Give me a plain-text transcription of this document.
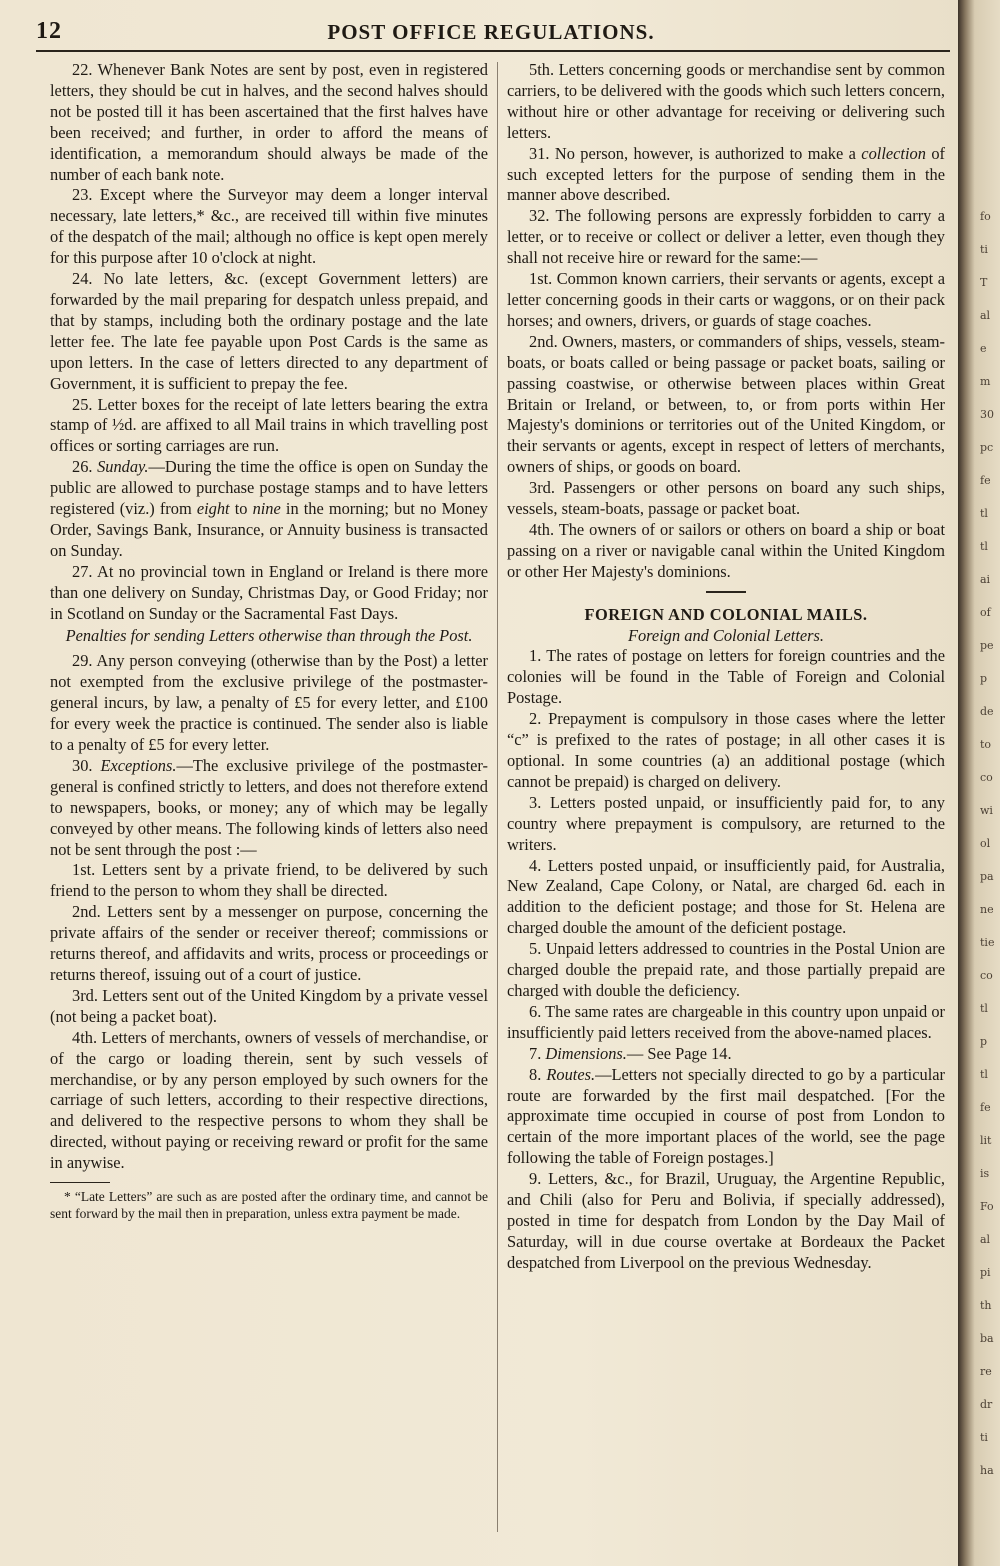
fo
ti
T
al
e
m
30
pc
fe
tl
tl
ai
of
pe
p
de
to
co
wi
ol
pa
ne
tie
co
tl
p
tl
fe
lit
is
Fo
al
pi
th
ba
re
dr
ti
ha
12	POST OFFICE REGULATIONS.

22. Whenever Bank Notes are sent by post, even in registered letters, they should be cut in halves, and the second halves should not be posted till it has been ascertained that the first halves have been received; and further, in order to afford the means of identification, a memorandum should always be made of the number of each bank note.

23. Except where the Surveyor may deem a longer interval necessary, late letters,* &c., are received till within five minutes of the despatch of the mail; although no office is kept open merely for this purpose after 10 o'clock at night.

24. No late letters, &c. (except Government letters) are forwarded by the mail preparing for despatch unless prepaid, and that by stamps, including both the ordinary postage and the late letter fee. The late fee payable upon Post Cards is the same as upon letters. In the case of letters directed to any department of Government, it is sufficient to prepay the fee.

25. Letter boxes for the receipt of late letters bearing the extra stamp of ½d. are affixed to all Mail trains in which travelling post offices or sorting carriages are run.

26. Sunday.—During the time the office is open on Sunday the public are allowed to purchase postage stamps and to have letters registered (viz.) from eight to nine in the morning; but no Money Order, Savings Bank, Insurance, or Annuity business is transacted on Sunday.

27. At no provincial town in England or Ireland is there more than one delivery on Sunday, Christmas Day, or Good Friday; nor in Scotland on Sunday or the Sacramental Fast Days.

Penalties for sending Letters otherwise than through the Post.

29. Any person conveying (otherwise than by the Post) a letter not exempted from the exclusive privilege of the postmaster-general incurs, by law, a penalty of £5 for every letter, and £100 for every week the practice is continued. The sender also is liable to a penalty of £5 for every letter.

30. Exceptions.—The exclusive privilege of the postmaster-general is confined strictly to letters, and does not therefore extend to newspapers, books, or money; any of which may be legally conveyed by other means. The following kinds of letters also need not be sent through the post :—

1st. Letters sent by a private friend, to be delivered by such friend to the person to whom they shall be directed.

2nd. Letters sent by a messenger on purpose, concerning the private affairs of the sender or receiver thereof; commissions or returns thereof, and affidavits and writs, process or proceedings or returns thereof, issuing out of a court of justice.

3rd. Letters sent out of the United Kingdom by a private vessel (not being a packet boat).

4th. Letters of merchants, owners of vessels of merchandise, or of the cargo or loading therein, sent by such vessels of merchandise, or by any person employed by such owners for the carriage of such letters, according to their respective directions, and delivered to the respective persons to whom they shall be directed, without paying or receiving reward or profit for the same in anywise.

* “Late Letters” are such as are posted after the ordinary time, and cannot be sent forward by the mail then in preparation, unless extra payment be made.

5th. Letters concerning goods or merchandise sent by common carriers, to be delivered with the goods which such letters concern, without hire or other advantage for receiving or delivering such letters.

31. No person, however, is authorized to make a collection of such excepted letters for the purpose of sending them in the manner above described.

32. The following persons are expressly forbidden to carry a letter, or to receive or collect or deliver a letter, even though they shall not receive hire or reward for the same:—

1st. Common known carriers, their servants or agents, except a letter concerning goods in their carts or waggons, or on their pack horses; and owners, drivers, or guards of stage coaches.

2nd. Owners, masters, or commanders of ships, vessels, steam-boats, or boats called or being passage or packet boats, sailing or passing coastwise, or otherwise between places within Great Britain or Ireland, or between, to, or from ports within Her Majesty's dominions or territories out of the United Kingdom, or their servants or agents, except in respect of letters of merchants, owners of ships, or goods on board.

3rd. Passengers or other persons on board any such ships, vessels, steam-boats, passage or packet boat.

4th. The owners of or sailors or others on board a ship or boat passing on a river or navigable canal within the United Kingdom or other Her Majesty's dominions.

FOREIGN AND COLONIAL MAILS.

Foreign and Colonial Letters.

1. The rates of postage on letters for foreign countries and the colonies will be found in the Table of Foreign and Colonial Postage.

2. Prepayment is compulsory in those cases where the letter “c” is prefixed to the rates of postage; in all other cases it is optional. In some countries (a) an additional postage (which cannot be prepaid) is charged on delivery.

3. Letters posted unpaid, or insufficiently paid for, to any country where prepayment is compulsory, are returned to the writers.

4. Letters posted unpaid, or insufficiently paid, for Australia, New Zealand, Cape Colony, or Natal, are charged 6d. each in addition to the deficient postage; and those for St. Helena are charged double the amount of the deficient postage.

5. Unpaid letters addressed to countries in the Postal Union are charged double the prepaid rate, and those partially prepaid are charged with double the deficiency.

6. The same rates are chargeable in this country upon unpaid or insufficiently paid letters received from the above-named places.

7. Dimensions.— See Page 14.

8. Routes.—Letters not specially directed to go by a particular route are forwarded by the first mail despatched. [For the approximate time occupied in course of post from London to certain of the more important places of the world, see the page following the table of Foreign postages.]

9. Letters, &c., for Brazil, Uruguay, the Argentine Republic, and Chili (also for Peru and Bolivia, if specially addressed), posted in time for despatch from London by the Day Mail of Saturday, will in due course overtake at Bordeaux the Packet despatched from Liverpool on the previous Wednesday.
